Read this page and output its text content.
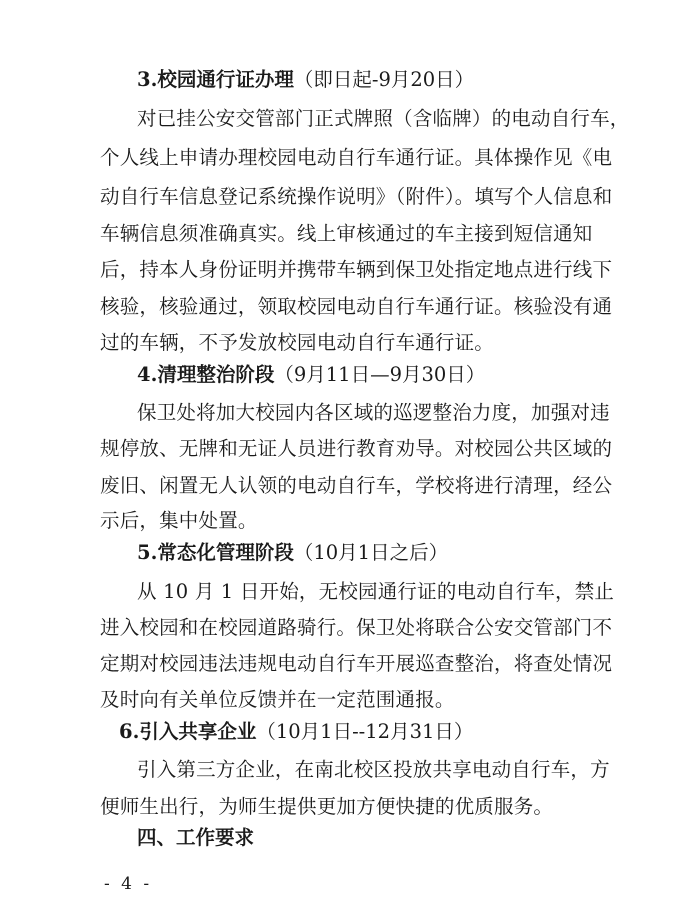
3.校园通行证办理（即日起-9月20日）
对已挂公安交管部门正式牌照（含临牌）的电动自行车，
个人线上申请办理校园电动自行车通行证。具体操作见《电
动自行车信息登记系统操作说明》（附件）。填写个人信息和
车辆信息须准确真实。线上审核通过的车主接到短信通知
后，持本人身份证明并携带车辆到保卫处指定地点进行线下
核验，核验通过，领取校园电动自行车通行证。核验没有通
过的车辆，不予发放校园电动自行车通行证。
4.清理整治阶段（9月11日—9月30日）
保卫处将加大校园内各区域的巡逻整治力度，加强对违
规停放、无牌和无证人员进行教育劝导。对校园公共区域的
废旧、闲置无人认领的电动自行车，学校将进行清理，经公
示后，集中处置。
5.常态化管理阶段（10月1日之后）
从 10 月 1 日开始，无校园通行证的电动自行车，禁止
进入校园和在校园道路骑行。保卫处将联合公安交管部门不
定期对校园违法违规电动自行车开展巡查整治，将查处情况
及时向有关单位反馈并在一定范围通报。
6.引入共享企业（10月1日--12月31日）
引入第三方企业，在南北校区投放共享电动自行车，方
便师生出行，为师生提供更加方便快捷的优质服务。
四、工作要求
- 4 -
